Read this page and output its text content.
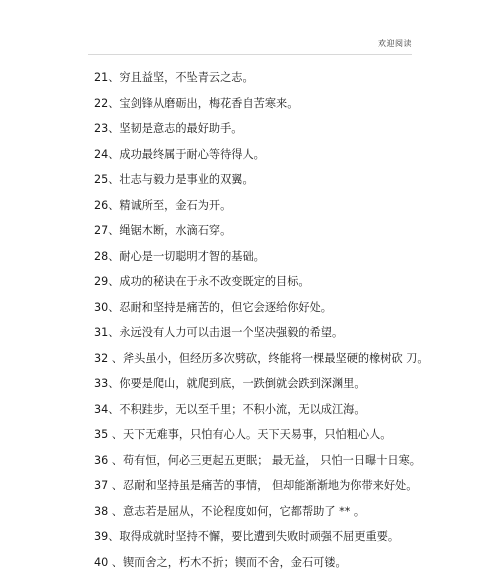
欢迎阅读
21、穷且益坚，不坠青云之志。
22、宝剑锋从磨砺出，梅花香自苦寒来。
23、坚韧是意志的最好助手。
24、成功最终属于耐心等待得人。
25、壮志与毅力是事业的双翼。
26、精诚所至，金石为开。
27、绳锯木断，水滴石穿。
28、耐心是一切聪明才智的基础。
29、成功的秘诀在于永不改变既定的目标。
30、忍耐和坚持是痛苦的，但它会逐给你好处。
31、永远没有人力可以击退一个坚决强毅的希望。
32 、斧头虽小，但经历多次劈砍，终能将一棵最坚硬的橡树砍 刀。
33、你要是爬山，就爬到底，一跌倒就会跌到深渊里。
34、不积跬步，无以至千里；不积小流，无以成江海。
35 、天下无难事，只怕有心人。天下天易事，只怕粗心人。
36 、苟有恒，何必三更起五更眠； 最无益， 只怕一日曝十日寒。
37 、忍耐和坚持虽是痛苦的事情， 但却能渐渐地为你带来好处。
38 、意志若是屈从，不论程度如何，它都帮助了 ** 。
39、取得成就时坚持不懈，要比遭到失败时顽强不屈更重要。
40 、锲而舍之，朽木不折；锲而不舍，金石可镂。
